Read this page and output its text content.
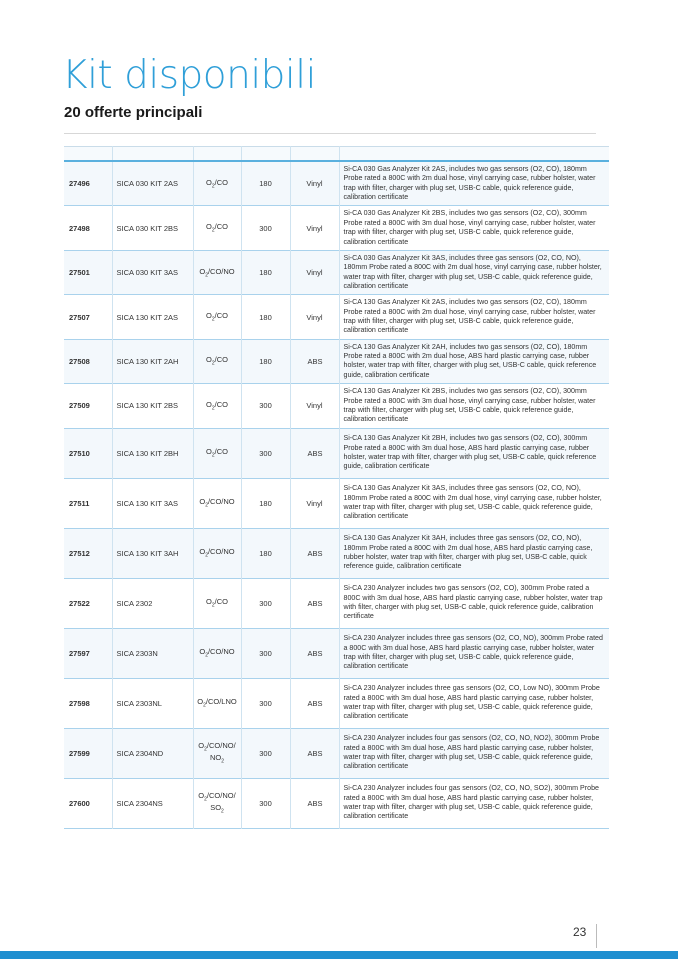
Kit disponibili
20 offerte principali

27496	SICA 030 KIT 2AS	$O_2/CO$	180	Vinyl	Si-CA 030 Gas Analyzer Kit 2AS, includes two gas sensors (O2, CO), 180mm Probe rated a 800C with 2m dual hose, vinyl carrying case, rubber holster, water trap with filter, charger with plug set, USB-C cable, quick reference guide, calibration certificate
27498	SICA 030 KIT 2BS	$O_2/CO$	300	Vinyl	Si-CA 030 Gas Analyzer Kit 2BS, includes two gas sensors (O2, CO), 300mm Probe rated a 800C with 3m dual hose, vinyl carrying case, rubber holster, water trap with filter, charger with plug set, USB-C cable, quick reference guide, calibration certificate
27501	SICA 030 KIT 3AS	$O_2/CO/NO$	180	Vinyl	Si-CA 030 Gas Analyzer Kit 3AS, includes three gas sensors (O2, CO, NO), 180mm Probe rated a 800C with 2m dual hose, vinyl carrying case, rubber holster, water trap with filter, charger with plug set, USB-C cable, quick reference guide, calibration certificate
27507	SICA 130 KIT 2AS	$O_2/CO$	180	Vinyl	Si-CA 130 Gas Analyzer Kit 2AS, includes two gas sensors (O2, CO), 180mm Probe rated a 800C with 2m dual hose, vinyl carrying case, rubber holster, water trap with filter, charger with plug set, USB-C cable, quick reference guide, calibration certificate
27508	SICA 130 KIT 2AH	$O_2/CO$	180	ABS	Si-CA 130 Gas Analyzer Kit 2AH, includes two gas sensors (O2, CO), 180mm Probe rated a 800C with 2m dual hose, ABS hard plastic carrying case, rubber holster, water trap with filter, charger with plug set, USB-C cable, quick reference guide, calibration certificate
27509	SICA 130 KIT 2BS	$O_2/CO$	300	Vinyl	Si-CA 130 Gas Analyzer Kit 2BS, includes two gas sensors (O2, CO), 300mm Probe rated a 800C with 3m dual hose, vinyl carrying case, rubber holster, water trap with filter, charger with plug set, USB-C cable, quick reference guide, calibration certificate
27510	SICA 130 KIT 2BH	$O_2/CO$	300	ABS	Si-CA 130 Gas Analyzer Kit 2BH, includes two gas sensors (O2, CO), 300mm Probe rated a 800C with 3m dual hose, ABS hard plastic carrying case, rubber holster, water trap with filter, charger with plug set, USB-C cable, quick reference guide, calibration certificate
27511	SICA 130 KIT 3AS	$O_2/CO/NO$	180	Vinyl	Si-CA 130 Gas Analyzer Kit 3AS, includes three gas sensors (O2, CO, NO), 180mm Probe rated a 800C with 2m dual hose, vinyl carrying case, rubber holster, water trap with filter, charger with plug set, USB-C cable, quick reference guide, calibration certificate
27512	SICA 130 KIT 3AH	$O_2/CO/NO$	180	ABS	Si-CA 130 Gas Analyzer Kit 3AH, includes three gas sensors (O2, CO, NO), 180mm Probe rated a 800C with 2m dual hose, ABS hard plastic carrying case, rubber holster, water trap with filter, charger with plug set, USB-C cable, quick reference guide, calibration certificate
27522	SICA 2302	$O_2/CO$	300	ABS	Si-CA 230 Analyzer includes two gas sensors (O2, CO), 300mm Probe rated a 800C with 3m dual hose, ABS hard plastic carrying case, rubber holster, water trap with filter, charger with plug set, USB-C cable, quick reference guide, calibration certificate
27597	SICA 2303N	$O_2/CO/NO$	300	ABS	Si-CA 230 Analyzer includes three gas sensors (O2, CO, NO), 300mm Probe rated a 800C with 3m dual hose, ABS hard plastic carrying case, rubber holster, water trap with filter, charger with plug set, USB-C cable, quick reference guide, calibration certificate
27598	SICA 2303NL	$O_2/CO$/LNO	300	ABS	Si-CA 230 Analyzer includes three gas sensors (O2, CO, Low NO), 300mm Probe rated a 800C with 3m dual hose, ABS hard plastic carrying case, rubber holster, water trap with filter, charger with plug set, USB-C cable, quick reference guide, calibration certificate
27599	SICA 2304ND	$O_2/CO/NO/$ $NO_2$	300	ABS	Si-CA 230 Analyzer includes four gas sensors (O2, CO, NO, NO2), 300mm Probe rated a 800C with 3m dual hose, ABS hard plastic carrying case, rubber holster, water trap with filter, charger with plug set, USB-C cable, quick reference guide, calibration certificate
27600	SICA 2304NS	$O_2/CO/NO/$ $SO_2$	300	ABS	Si-CA 230 Analyzer includes four gas sensors (O2, CO, NO, SO2), 300mm Probe rated a 800C with 3m dual hose, ABS hard plastic carrying case, rubber holster, water trap with filter, charger with plug set, USB-C cable, quick reference guide, calibration certificate
23
